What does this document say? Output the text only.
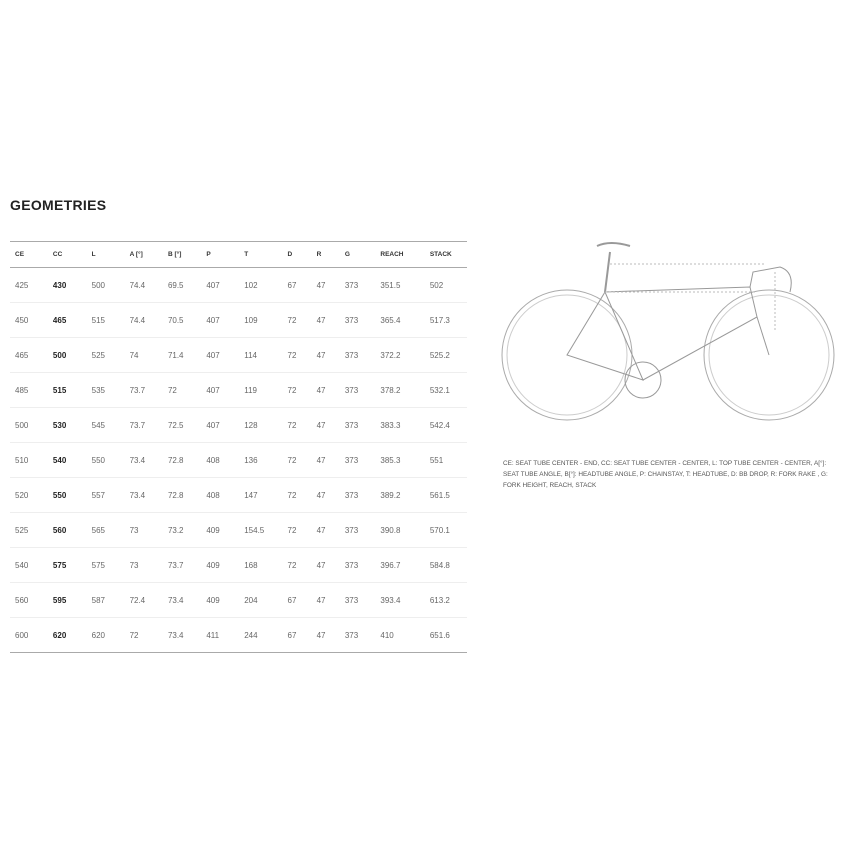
GEOMETRIES
CE	CC	L	A [°]	B [°]	P	T	D	R	G	REACH	STACK
425	430	500	74.4	69.5	407	102	67	47	373	351.5	502
450	465	515	74.4	70.5	407	109	72	47	373	365.4	517.3
465	500	525	74	71.4	407	114	72	47	373	372.2	525.2
485	515	535	73.7	72	407	119	72	47	373	378.2	532.1
500	530	545	73.7	72.5	407	128	72	47	373	383.3	542.4
510	540	550	73.4	72.8	408	136	72	47	373	385.3	551
520	550	557	73.4	72.8	408	147	72	47	373	389.2	561.5
525	560	565	73	73.2	409	154.5	72	47	373	390.8	570.1
540	575	575	73	73.7	409	168	72	47	373	396.7	584.8
560	595	587	72.4	73.4	409	204	67	47	373	393.4	613.2
600	620	620	72	73.4	411	244	67	47	373	410	651.6
CE: SEAT TUBE CENTER - END, CC: SEAT TUBE CENTER - CENTER, L: TOP TUBE CENTER - CENTER, A[°]: SEAT TUBE ANGLE, B[°]: HEADTUBE ANGLE, P: CHAINSTAY, T: HEADTUBE, D: BB DROP, R: FORK RAKE , G: FORK HEIGHT, REACH, STACK
